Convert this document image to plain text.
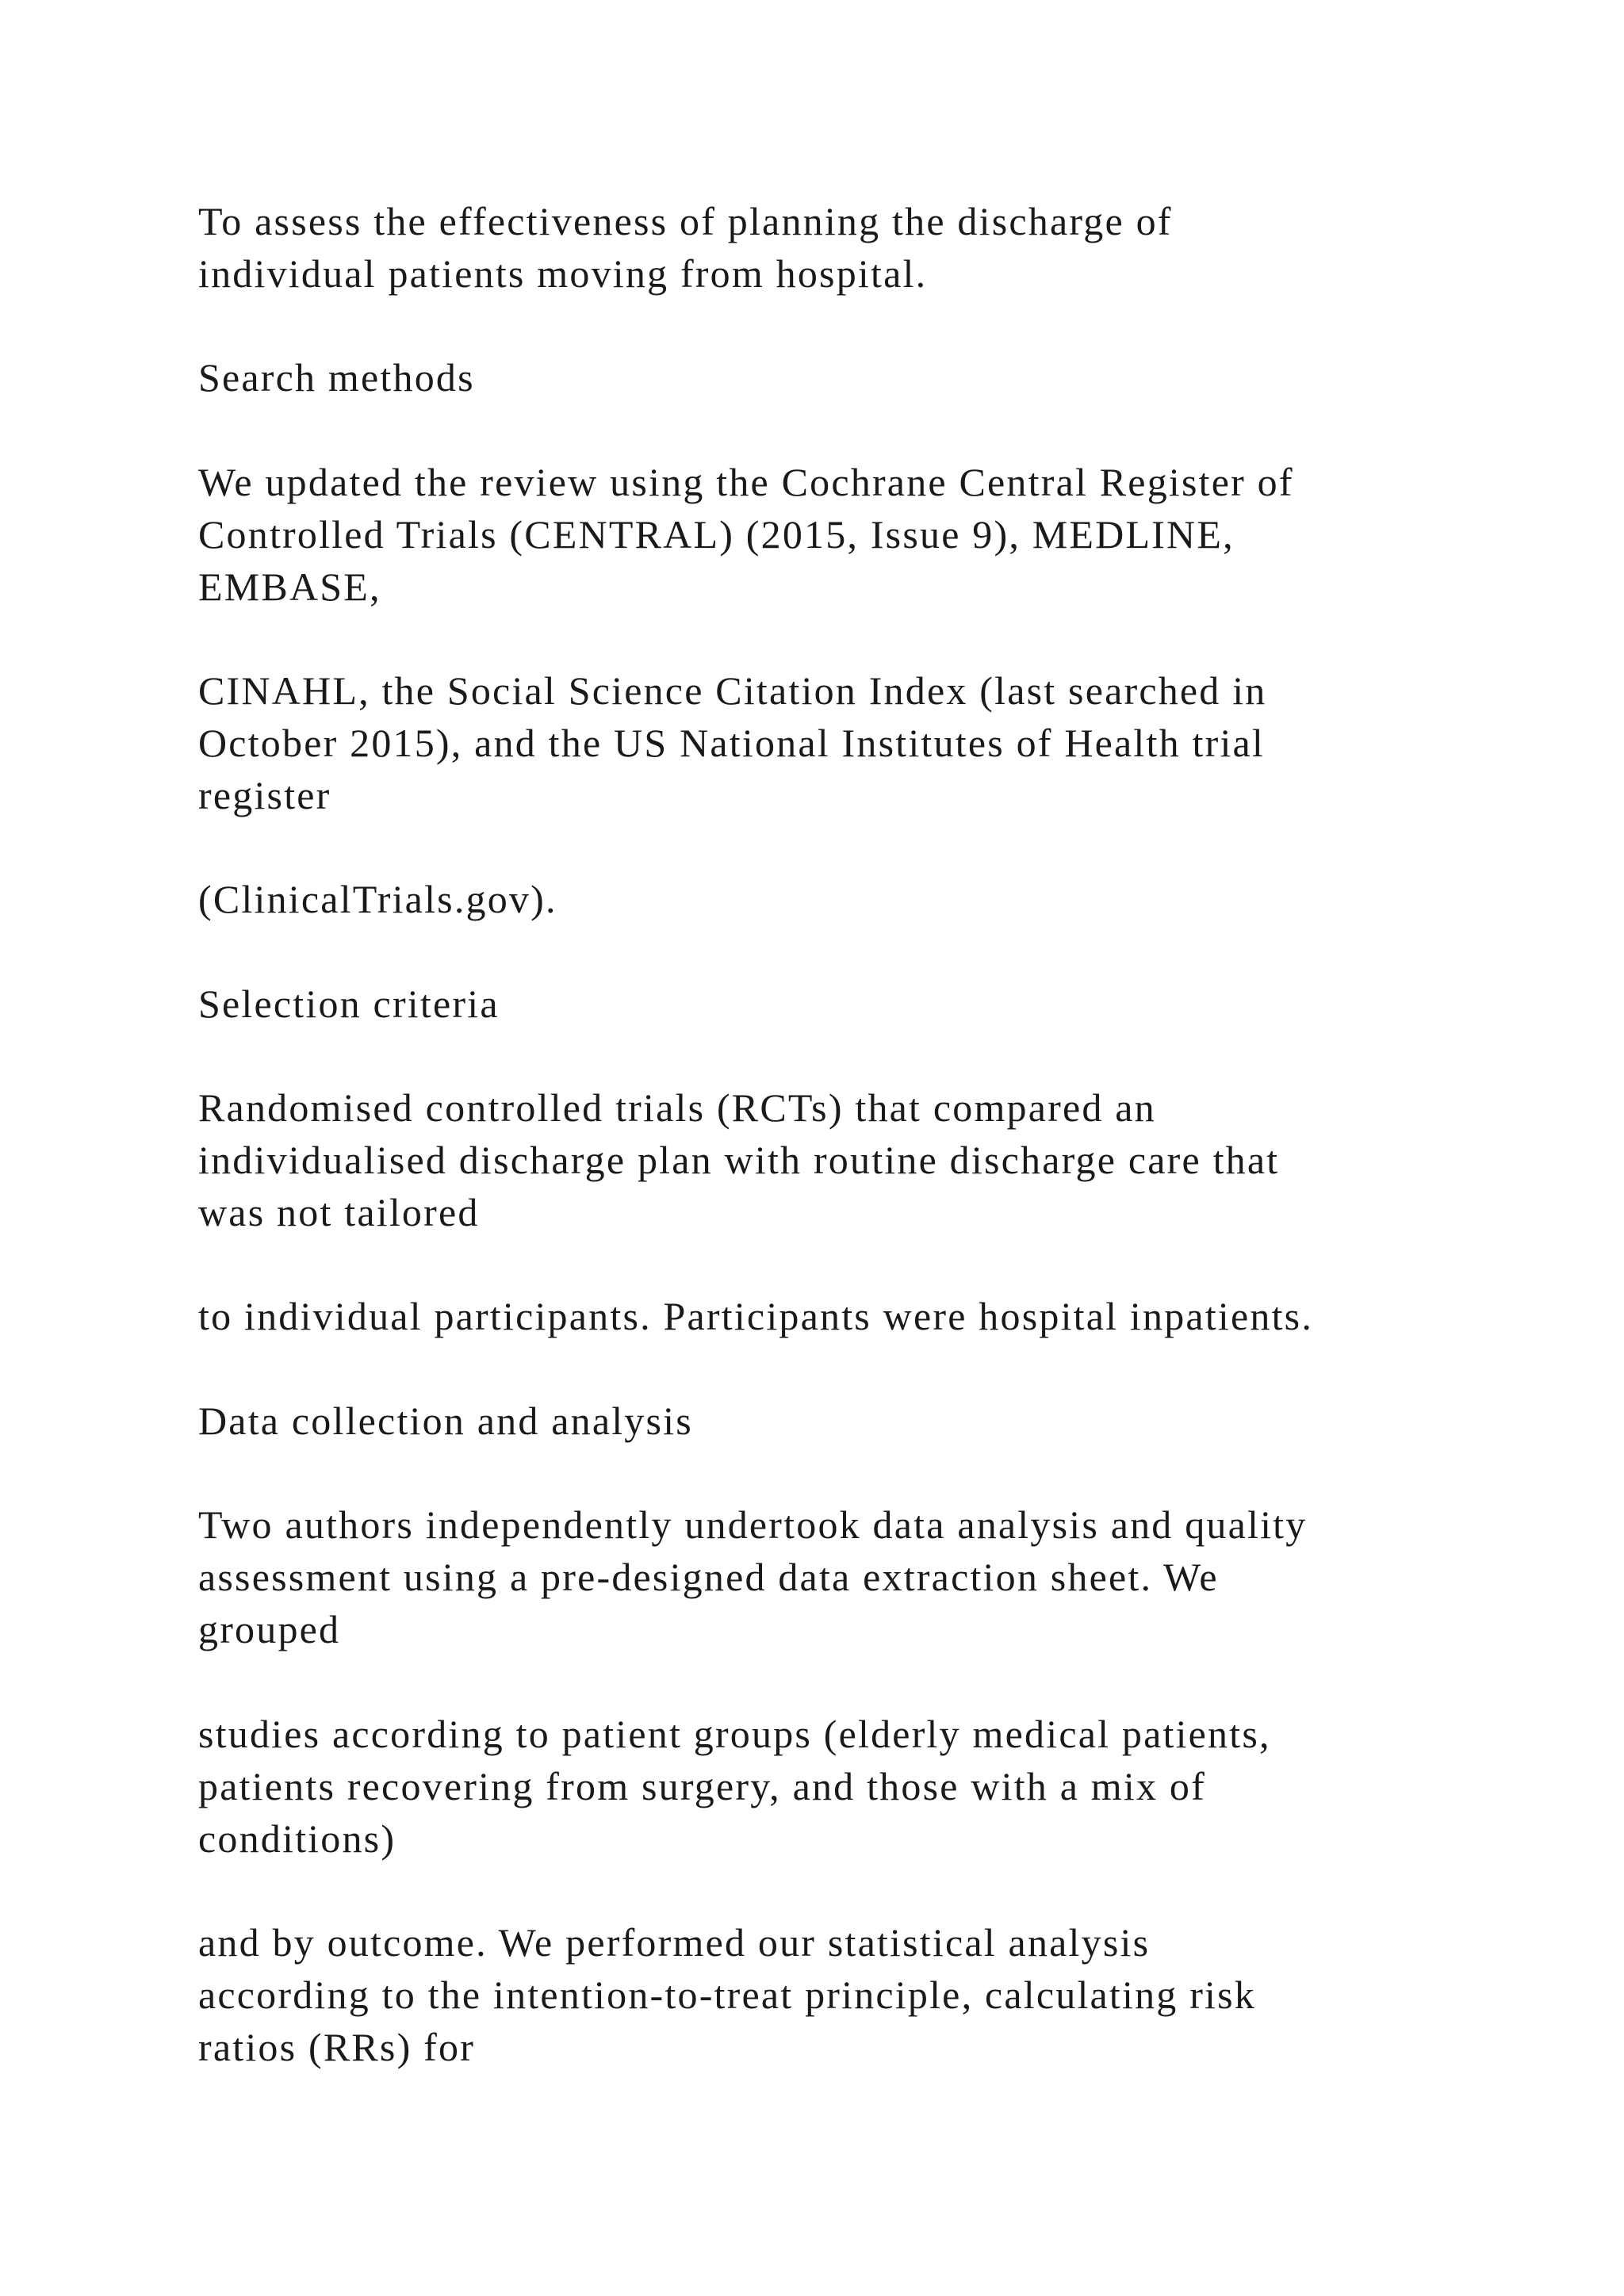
To assess the effectiveness of planning the discharge of
individual patients moving from hospital.

Search methods

We updated the review using the Cochrane Central Register of
Controlled Trials (CENTRAL) (2015, Issue 9), MEDLINE,
EMBASE,

CINAHL, the Social Science Citation Index (last searched in
October 2015), and the US National Institutes of Health trial
register

(ClinicalTrials.gov).

Selection criteria

Randomised controlled trials (RCTs) that compared an
individualised discharge plan with routine discharge care that
was not tailored

to individual participants. Participants were hospital inpatients.

Data collection and analysis

Two authors independently undertook data analysis and quality
assessment using a pre-designed data extraction sheet. We
grouped

studies according to patient groups (elderly medical patients,
patients recovering from surgery, and those with a mix of
conditions)

and by outcome. We performed our statistical analysis
according to the intention-to-treat principle, calculating risk
ratios (RRs) for
